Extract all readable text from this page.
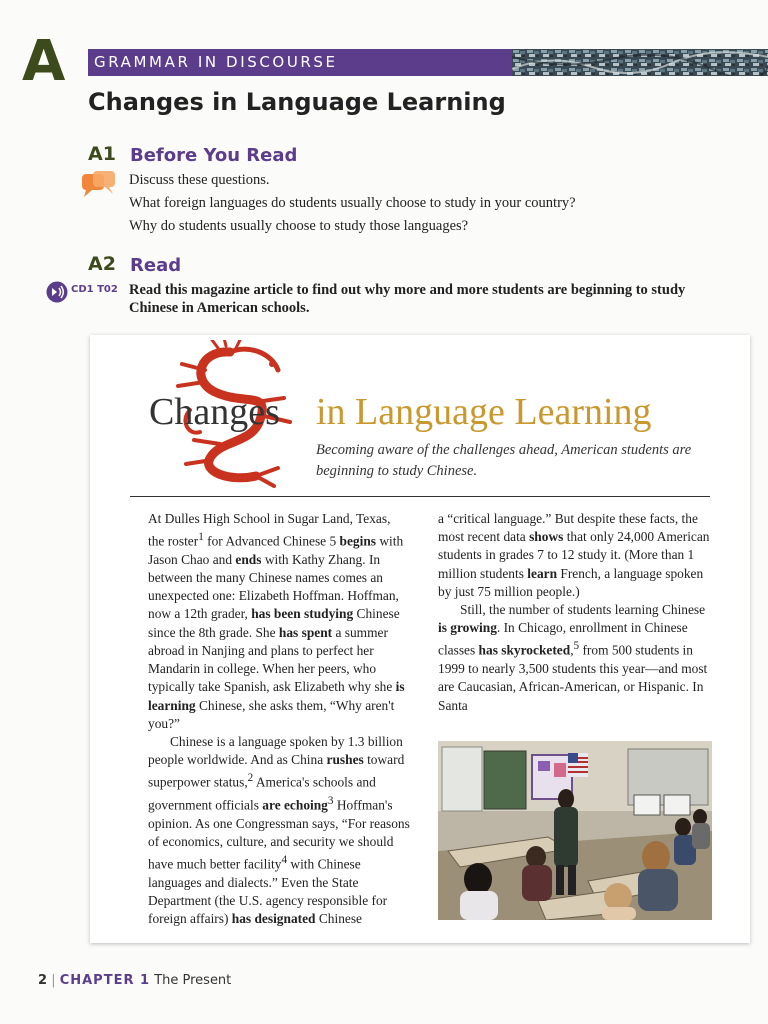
A GRAMMAR IN DISCOURSE
Changes in Language Learning
A1 Before You Read
Discuss these questions.
What foreign languages do students usually choose to study in your country?
Why do students usually choose to study those languages?
A2 Read
CD1 T02 Read this magazine article to find out why more and more students are beginning to study Chinese in American schools.
Changes in Language Learning
Becoming aware of the challenges ahead, American students are beginning to study Chinese.

At Dulles High School in Sugar Land, Texas, the roster$^1$ for Advanced Chinese 5 begins with Jason Chao and ends with Kathy Zhang. In between the many Chinese names comes an unexpected one: Elizabeth Hoffman. Hoffman, now a 12th grader, has been studying Chinese since the 8th grade. She has spent a summer abroad in Nanjing and plans to perfect her Mandarin in college. When her peers, who typically take Spanish, ask Elizabeth why she is learning Chinese, she asks them, “Why aren't you?”

Chinese is a language spoken by 1.3 billion people worldwide. And as China rushes toward superpower status,$^2$ America's schools and government officials are echoing$^3$ Hoffman's opinion. As one Congressman says, “For reasons of economics, culture, and security we should have much better facility$^4$ with Chinese languages and dialects.” Even the State Department (the U.S. agency responsible for foreign affairs) has designated Chinese

a “critical language.” But despite these facts, the most recent data shows that only 24,000 American students in grades 7 to 12 study it. (More than 1 million students learn French, a language spoken by just 75 million people.)

Still, the number of students learning Chinese is growing. In Chicago, enrollment in Chinese classes has skyrocketed,$^5$ from 500 students in 1999 to nearly 3,500 students this year—and most are Caucasian, African-American, or Hispanic. In Santa

2 | CHAPTER 1 The Present
